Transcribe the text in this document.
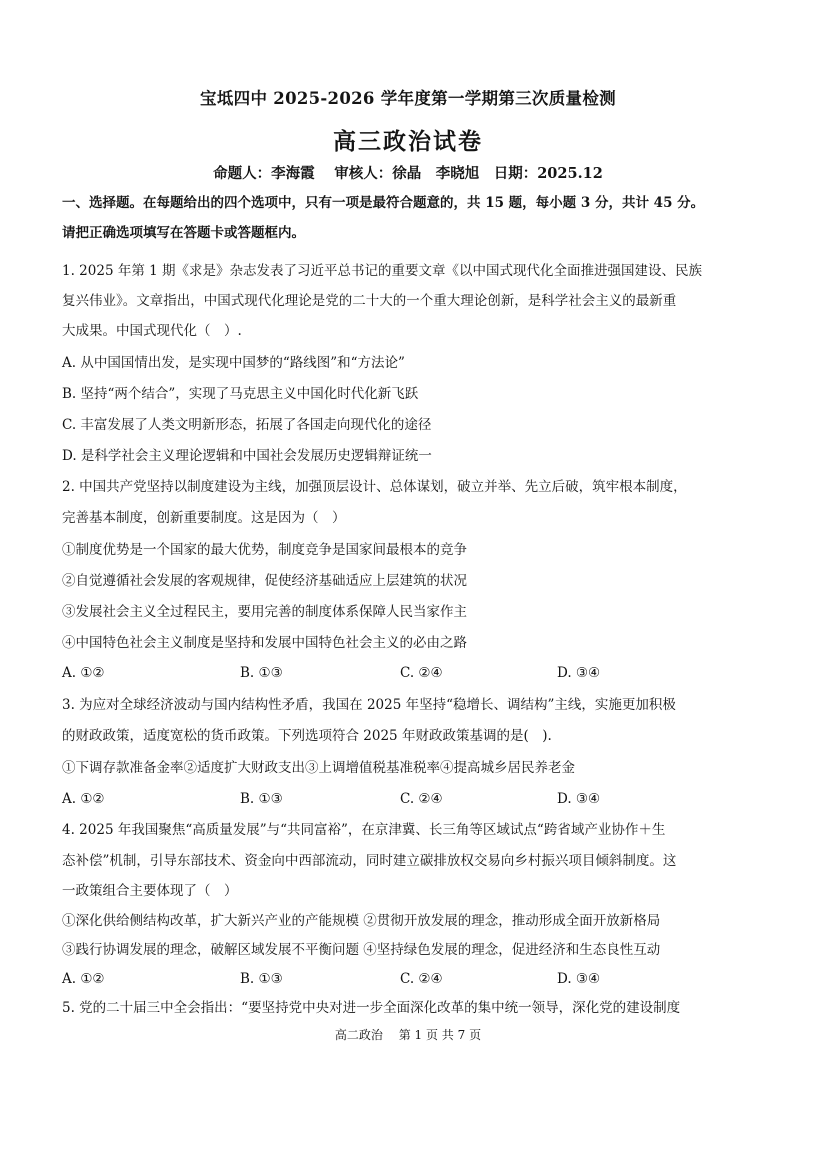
宝坻四中 2025-2026 学年度第一学期第三次质量检测
高三政治试卷
命题人：李海霞　 审核人：徐晶　李晓旭　日期：2025.12
一、选择题。在每题给出的四个选项中，只有一项是最符合题意的，共 15 题，每小题 3 分，共计 45 分。
请把正确选项填写在答题卡或答题框内。
1. 2025 年第 1 期《求是》杂志发表了习近平总书记的重要文章《以中国式现代化全面推进强国建设、民族
复兴伟业》。文章指出，中国式现代化理论是党的二十大的一个重大理论创新，是科学社会主义的最新重
大成果。中国式现代化（　）.
A. 从中国国情出发，是实现中国梦的“路线图”和“方法论”
B. 坚持“两个结合”，实现了马克思主义中国化时代化新飞跃
C. 丰富发展了人类文明新形态，拓展了各国走向现代化的途径
D. 是科学社会主义理论逻辑和中国社会发展历史逻辑辩证统一
2. 中国共产党坚持以制度建设为主线，加强顶层设计、总体谋划，破立并举、先立后破，筑牢根本制度，
完善基本制度，创新重要制度。这是因为（　）
①制度优势是一个国家的最大优势，制度竞争是国家间最根本的竞争
②自觉遵循社会发展的客观规律，促使经济基础适应上层建筑的状况
③发展社会主义全过程民主，要用完善的制度体系保障人民当家作主
④中国特色社会主义制度是坚持和发展中国特色社会主义的必由之路
A. ①②	B. ①③	C. ②④	D. ③④
3. 为应对全球经济波动与国内结构性矛盾，我国在 2025 年坚持“稳增长、调结构”主线，实施更加积极
的财政政策，适度宽松的货币政策。下列选项符合 2025 年财政政策基调的是(　).
①下调存款准备金率②适度扩大财政支出③上调增值税基准税率④提高城乡居民养老金
A. ①②	B. ①③	C. ②④	D. ③④
4. 2025 年我国聚焦“高质量发展”与“共同富裕”，在京津冀、长三角等区域试点“跨省域产业协作＋生
态补偿”机制，引导东部技术、资金向中西部流动，同时建立碳排放权交易向乡村振兴项目倾斜制度。这
一政策组合主要体现了（　）
①深化供给侧结构改革，扩大新兴产业的产能规模 ②贯彻开放发展的理念，推动形成全面开放新格局
③践行协调发展的理念，破解区域发展不平衡问题 ④坚持绿色发展的理念，促进经济和生态良性互动
A. ①②	B. ①③	C. ②④	D. ③④
5. 党的二十届三中全会指出：“要坚持党中央对进一步全面深化改革的集中统一领导，深化党的建设制度
高二政治　 第 1 页 共 7 页
